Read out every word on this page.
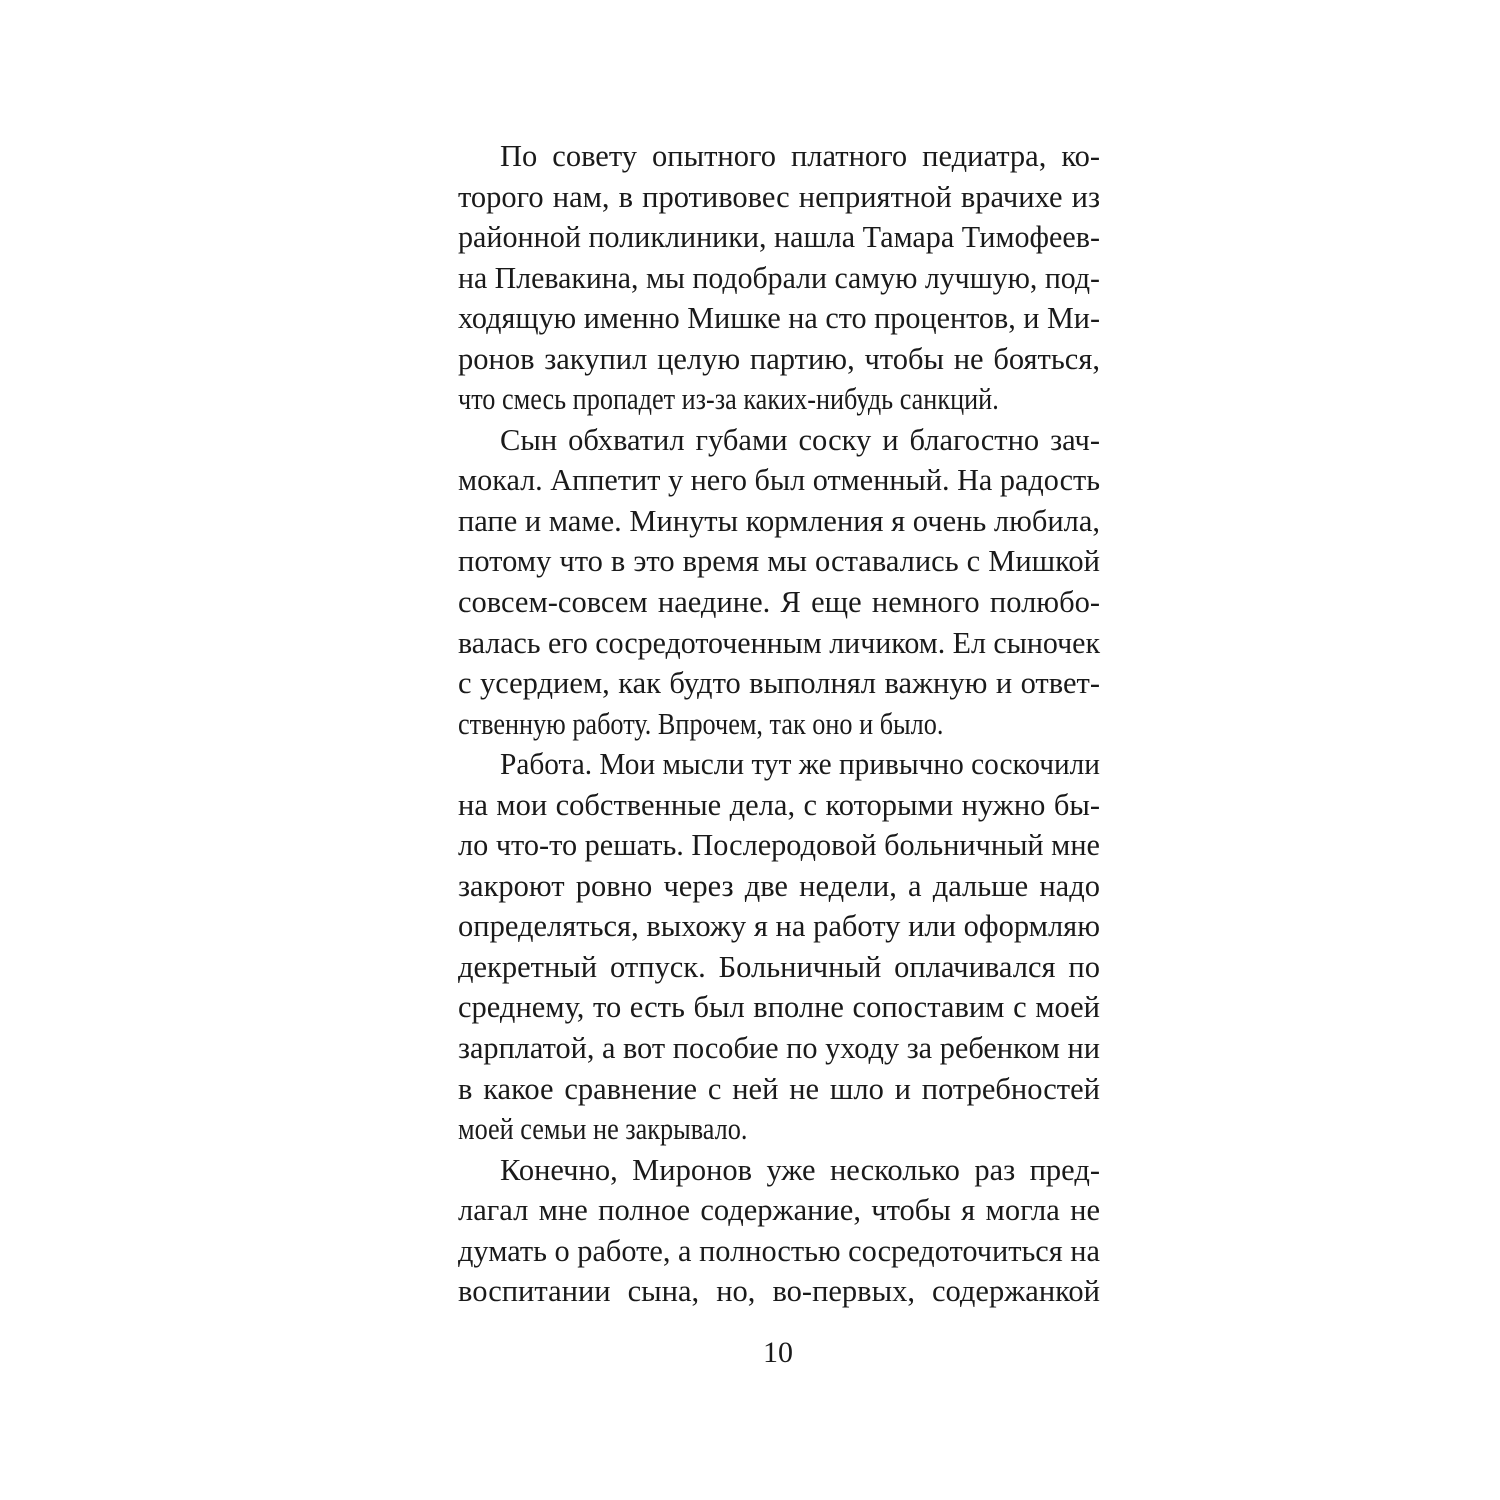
По совету опытного платного педиатра, ко-
торого нам, в противовес неприятной врачихе из
районной поликлиники, нашла Тамара Тимофеев-
на Плевакина, мы подобрали самую лучшую, под-
ходящую именно Мишке на сто процентов, и Ми-
ронов закупил целую партию, чтобы не бояться,
что смесь пропадет из-за каких-нибудь санкций.
Сын обхватил губами соску и благостно зач-
мокал. Аппетит у него был отменный. На радость
папе и маме. Минуты кормления я очень любила,
потому что в это время мы оставались с Мишкой
совсем-совсем наедине. Я еще немного полюбо-
валась его сосредоточенным личиком. Ел сыночек
с усердием, как будто выполнял важную и ответ-
ственную работу. Впрочем, так оно и было.
Работа. Мои мысли тут же привычно соскочили
на мои собственные дела, с которыми нужно бы-
ло что-то решать. Послеродовой больничный мне
закроют ровно через две недели, а дальше надо
определяться, выхожу я на работу или оформляю
декретный отпуск. Больничный оплачивался по
среднему, то есть был вполне сопоставим с моей
зарплатой, а вот пособие по уходу за ребенком ни
в какое сравнение с ней не шло и потребностей
моей семьи не закрывало.
Конечно, Миронов уже несколько раз пред-
лагал мне полное содержание, чтобы я могла не
думать о работе, а полностью сосредоточиться на
воспитании сына, но, во-первых, содержанкой
10
